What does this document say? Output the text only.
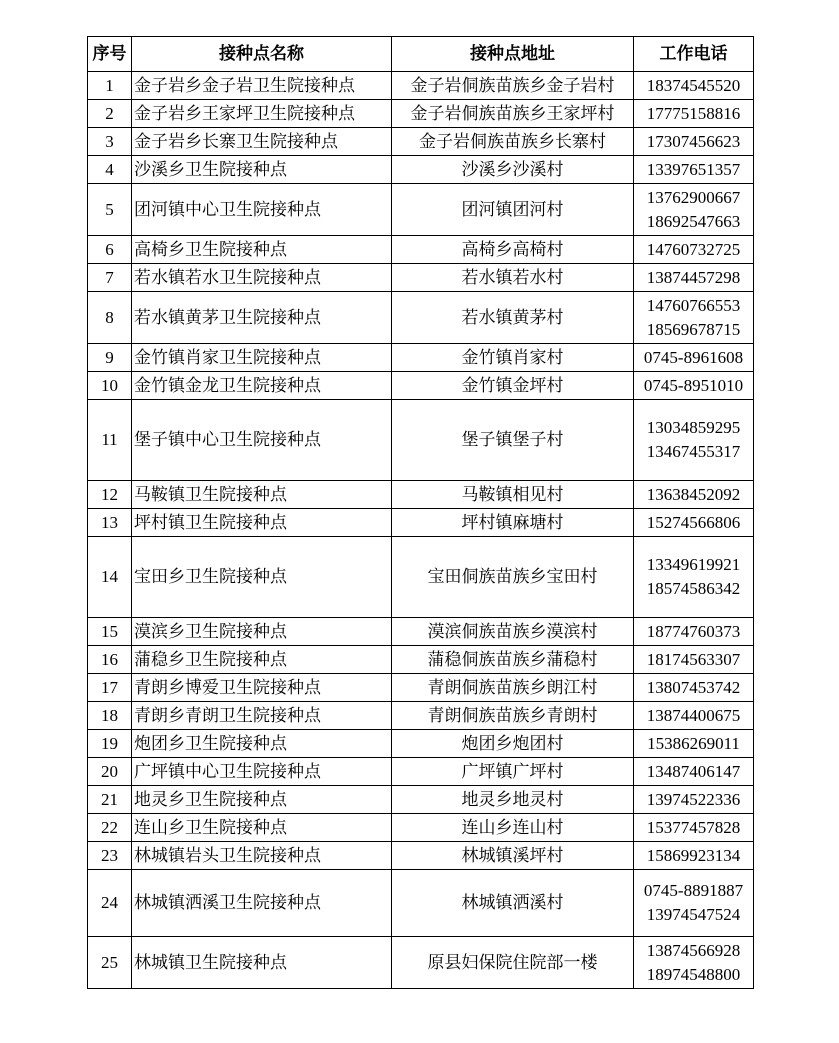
序号	接种点名称	接种点地址	工作电话
1	金子岩乡金子岩卫生院接种点	金子岩侗族苗族乡金子岩村	18374545520

2	金子岩乡王家坪卫生院接种点	金子岩侗族苗族乡王家坪村	17775158816

3	金子岩乡长寨卫生院接种点	金子岩侗族苗族乡长寨村	17307456623

4	沙溪乡卫生院接种点	沙溪乡沙溪村	13397651357

5	团河镇中心卫生院接种点	团河镇团河村	13762900667
18692547663

6	高椅乡卫生院接种点	高椅乡高椅村	14760732725

7	若水镇若水卫生院接种点	若水镇若水村	13874457298

8	若水镇黄茅卫生院接种点	若水镇黄茅村	14760766553
18569678715

9	金竹镇肖家卫生院接种点	金竹镇肖家村	0745-8961608

10	金竹镇金龙卫生院接种点	金竹镇金坪村	0745-8951010

11	堡子镇中心卫生院接种点	堡子镇堡子村	13034859295
13467455317

12	马鞍镇卫生院接种点	马鞍镇相见村	13638452092

13	坪村镇卫生院接种点	坪村镇麻塘村	15274566806

14	宝田乡卫生院接种点	宝田侗族苗族乡宝田村	13349619921
18574586342

15	漠滨乡卫生院接种点	漠滨侗族苗族乡漠滨村	18774760373

16	蒲稳乡卫生院接种点	蒲稳侗族苗族乡蒲稳村	18174563307

17	青朗乡博爱卫生院接种点	青朗侗族苗族乡朗江村	13807453742

18	青朗乡青朗卫生院接种点	青朗侗族苗族乡青朗村	13874400675

19	炮团乡卫生院接种点	炮团乡炮团村	15386269011

20	广坪镇中心卫生院接种点	广坪镇广坪村	13487406147

21	地灵乡卫生院接种点	地灵乡地灵村	13974522336

22	连山乡卫生院接种点	连山乡连山村	15377457828

23	林城镇岩头卫生院接种点	林城镇溪坪村	15869923134

24	林城镇洒溪卫生院接种点	林城镇洒溪村	0745-8891887
13974547524

25	林城镇卫生院接种点	原县妇保院住院部一楼	13874566928
18974548800
